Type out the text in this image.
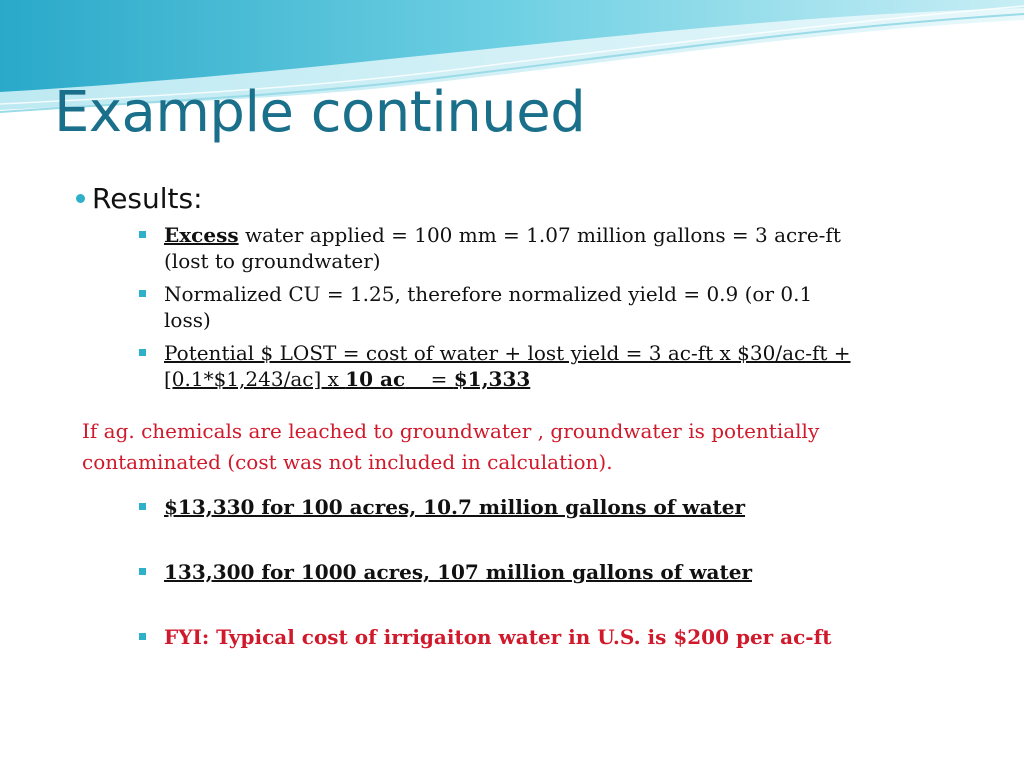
Example continued
Results:
Excess water applied = 100 mm = 1.07 million gallons = 3 acre-ft (lost to groundwater)
Normalized CU = 1.25, therefore normalized yield = 0.9 (or 0.1 loss)
Potential $ LOST = cost of water + lost yield = 3 ac-ft x $30/ac-ft + [0.1*$1,243/ac] x 10 ac    = $1,333
If ag. chemicals are leached to groundwater , groundwater is potentially contaminated (cost was not included in calculation).
$13,330 for 100 acres, 10.7 million gallons of water
133,300 for 1000 acres, 107 million gallons of water
FYI: Typical cost of irrigaiton water in U.S. is $200 per ac-ft
